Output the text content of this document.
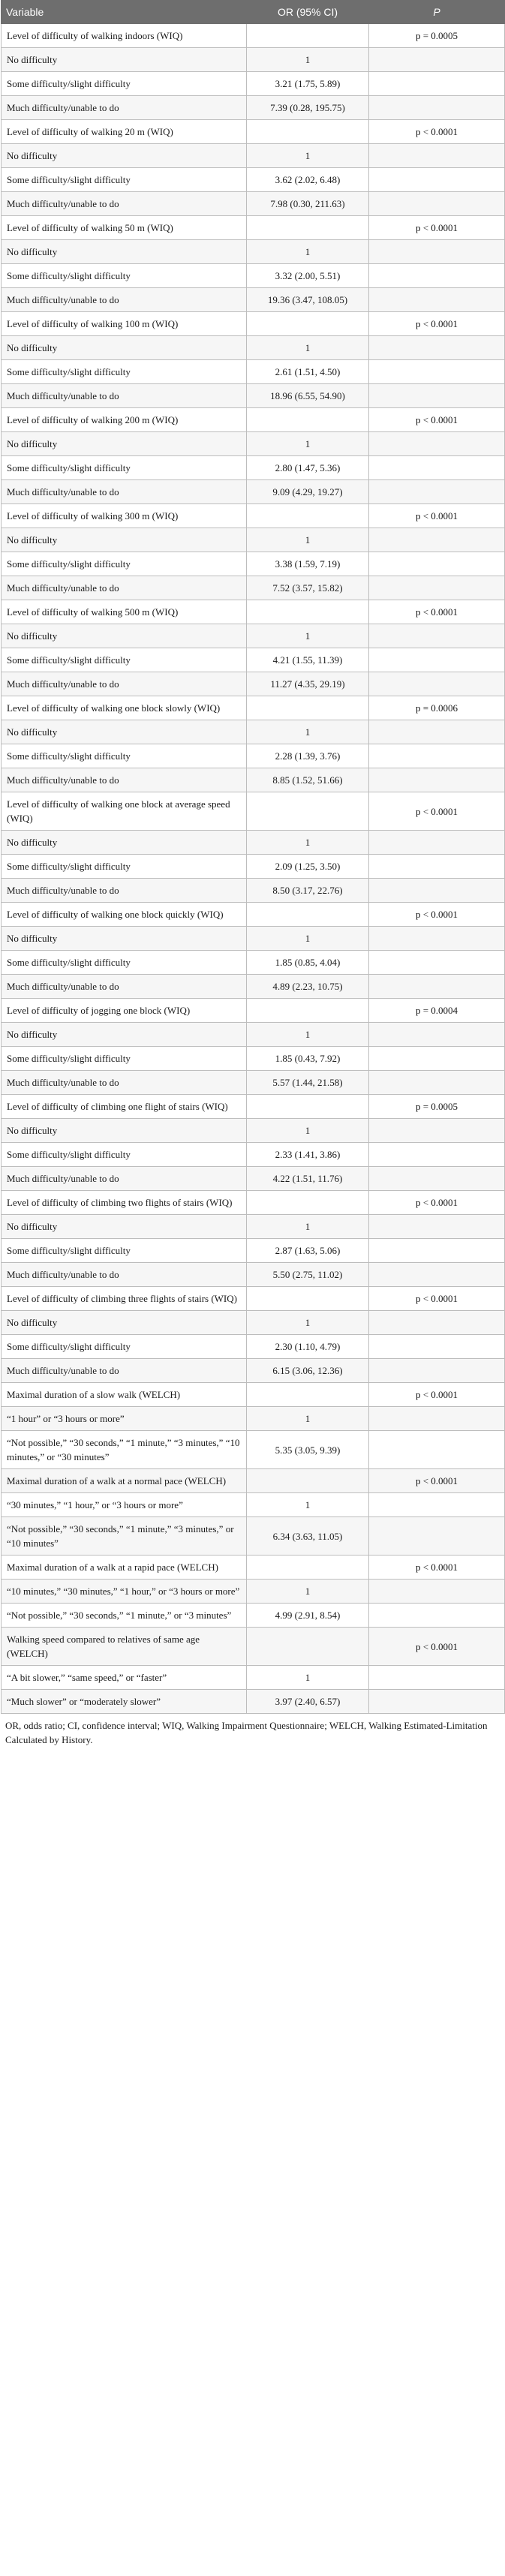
Variable	OR (95% CI)	P
Level of difficulty of walking indoors (WIQ)		p = 0.0005
No difficulty	1	
Some difficulty/slight difficulty	3.21 (1.75, 5.89)	
Much difficulty/unable to do	7.39 (0.28, 195.75)	
Level of difficulty of walking 20 m (WIQ)		p < 0.0001
No difficulty	1	
Some difficulty/slight difficulty	3.62 (2.02, 6.48)	
Much difficulty/unable to do	7.98 (0.30, 211.63)	
Level of difficulty of walking 50 m (WIQ)		p < 0.0001
No difficulty	1	
Some difficulty/slight difficulty	3.32 (2.00, 5.51)	
Much difficulty/unable to do	19.36 (3.47, 108.05)	
Level of difficulty of walking 100 m (WIQ)		p < 0.0001
No difficulty	1	
Some difficulty/slight difficulty	2.61 (1.51, 4.50)	
Much difficulty/unable to do	18.96 (6.55, 54.90)	
Level of difficulty of walking 200 m (WIQ)		p < 0.0001
No difficulty	1	
Some difficulty/slight difficulty	2.80 (1.47, 5.36)	
Much difficulty/unable to do	9.09 (4.29, 19.27)	
Level of difficulty of walking 300 m (WIQ)		p < 0.0001
No difficulty	1	
Some difficulty/slight difficulty	3.38 (1.59, 7.19)	
Much difficulty/unable to do	7.52 (3.57, 15.82)	
Level of difficulty of walking 500 m (WIQ)		p < 0.0001
No difficulty	1	
Some difficulty/slight difficulty	4.21 (1.55, 11.39)	
Much difficulty/unable to do	11.27 (4.35, 29.19)	
Level of difficulty of walking one block slowly (WIQ)		p = 0.0006
No difficulty	1	
Some difficulty/slight difficulty	2.28 (1.39, 3.76)	
Much difficulty/unable to do	8.85 (1.52, 51.66)	
Level of difficulty of walking one block at average speed (WIQ)		p < 0.0001
No difficulty	1	
Some difficulty/slight difficulty	2.09 (1.25, 3.50)	
Much difficulty/unable to do	8.50 (3.17, 22.76)	
Level of difficulty of walking one block quickly (WIQ)		p < 0.0001
No difficulty	1	
Some difficulty/slight difficulty	1.85 (0.85, 4.04)	
Much difficulty/unable to do	4.89 (2.23, 10.75)	
Level of difficulty of jogging one block (WIQ)		p = 0.0004
No difficulty	1	
Some difficulty/slight difficulty	1.85 (0.43, 7.92)	
Much difficulty/unable to do	5.57 (1.44, 21.58)	
Level of difficulty of climbing one flight of stairs (WIQ)		p = 0.0005
No difficulty	1	
Some difficulty/slight difficulty	2.33 (1.41, 3.86)	
Much difficulty/unable to do	4.22 (1.51, 11.76)	
Level of difficulty of climbing two flights of stairs (WIQ)		p < 0.0001
No difficulty	1	
Some difficulty/slight difficulty	2.87 (1.63, 5.06)	
Much difficulty/unable to do	5.50 (2.75, 11.02)	
Level of difficulty of climbing three flights of stairs (WIQ)		p < 0.0001
No difficulty	1	
Some difficulty/slight difficulty	2.30 (1.10, 4.79)	
Much difficulty/unable to do	6.15 (3.06, 12.36)	
Maximal duration of a slow walk (WELCH)		p < 0.0001
“1 hour” or “3 hours or more”	1	
“Not possible,” “30 seconds,” “1 minute,” “3 minutes,” “10 minutes,” or “30 minutes”	5.35 (3.05, 9.39)	
Maximal duration of a walk at a normal pace (WELCH)		p < 0.0001
“30 minutes,” “1 hour,” or “3 hours or more”	1	
“Not possible,” “30 seconds,” “1 minute,” “3 minutes,” or “10 minutes”	6.34 (3.63, 11.05)	
Maximal duration of a walk at a rapid pace (WELCH)		p < 0.0001
“10 minutes,” “30 minutes,” “1 hour,” or “3 hours or more”	1	
“Not possible,” “30 seconds,” “1 minute,” or “3 minutes”	4.99 (2.91, 8.54)	
Walking speed compared to relatives of same age (WELCH)		p < 0.0001
“A bit slower,” “same speed,” or “faster”	1	
“Much slower” or “moderately slower”	3.97 (2.40, 6.57)	
OR, odds ratio; CI, confidence interval; WIQ, Walking Impairment Questionnaire; WELCH, Walking Estimated-Limitation Calculated by History.
